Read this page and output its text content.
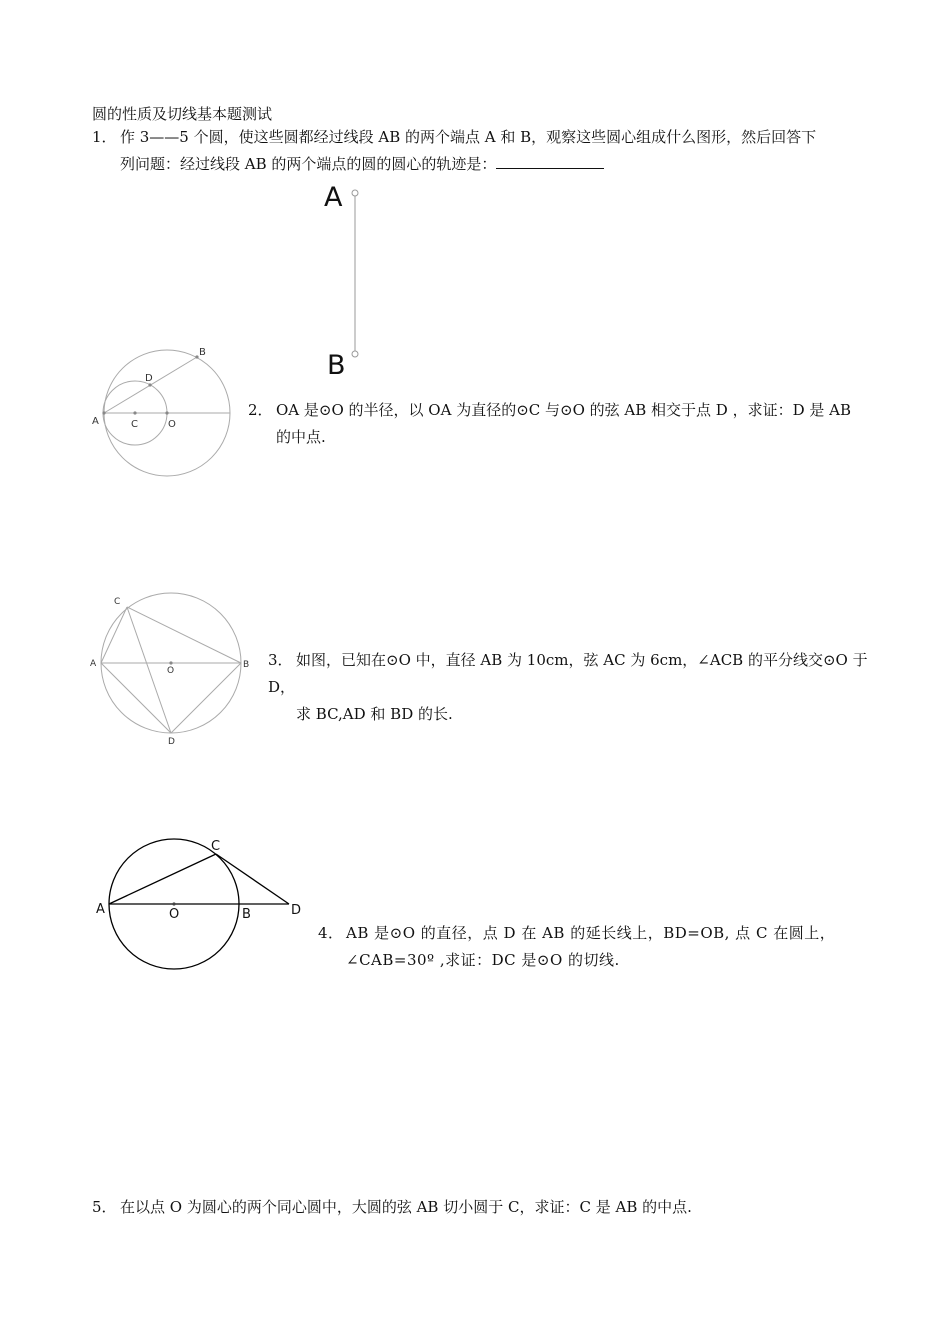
圆的性质及切线基本题测试
1． 作 3——5 个圆，使这些圆都经过线段 AB 的两个端点 A 和 B，观察这些圆心组成什么图形，然后回答下
列问题：经过线段 AB 的两个端点的圆的圆心的轨迹是：
2． OA 是⊙O 的半径，以 OA 为直径的⊙C 与⊙O 的弦 AB 相交于点 D ，求证：D 是 AB
的中点.
3． 如图，已知在⊙O 中，直径 AB 为 10cm，弦 AC 为 6cm，∠ACB 的平分线交⊙O 于 D，
求 BC,AD 和 BD 的长.
4． AB 是⊙O 的直径，点 D 在 AB 的延长线上，BD=OB, 点 C 在圆上，
∠CAB=30º ,求证：DC 是⊙O 的切线.
5． 在以点 O 为圆心的两个同心圆中，大圆的弦 AB 切小圆于 C，求证：C 是 AB 的中点.
A
B
A	C	O
D
B
C
A
O
B
D
A	O	B
C
D
